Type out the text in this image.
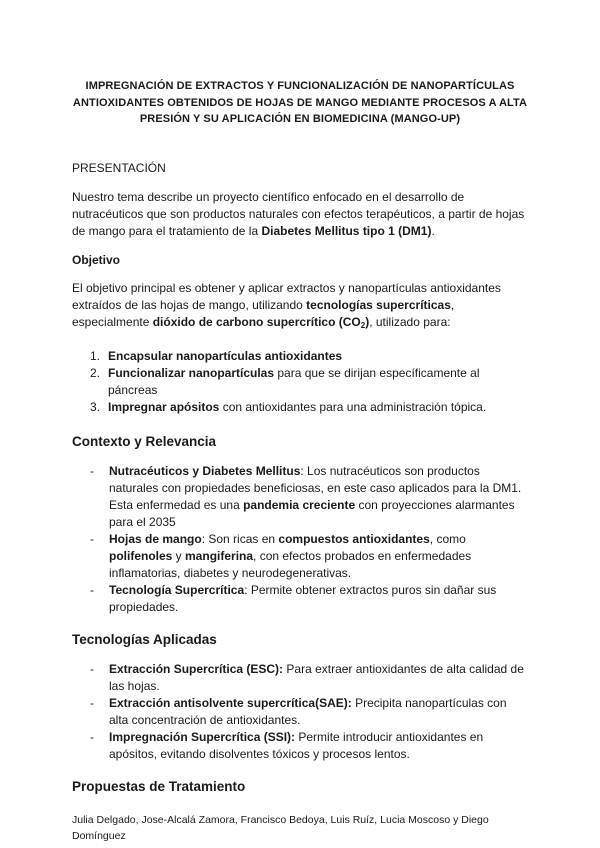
IMPREGNACIÓN DE EXTRACTOS Y FUNCIONALIZACIÓN DE NANOPARTÍCULAS ANTIOXIDANTES OBTENIDOS DE HOJAS DE MANGO MEDIANTE PROCESOS A ALTA PRESIÓN Y SU APLICACIÓN EN BIOMEDICINA (MANGO-UP)
PRESENTACIÓN

Nuestro tema describe un proyecto científico enfocado en el desarrollo de nutracéuticos que son productos naturales con efectos terapéuticos, a partir de hojas de mango para el tratamiento de la Diabetes Mellitus tipo 1 (DM1).

Objetivo

El objetivo principal es obtener y aplicar extractos y nanopartículas antioxidantes extraídos de las hojas de mango, utilizando tecnologías supercríticas, especialmente dióxido de carbono supercrítico $(CO_2)$, utilizado para:

1. Encapsular nanopartículas antioxidantes
2. Funcionalizar nanopartículas para que se dirijan específicamente al páncreas
3. Impregnar apósitos con antioxidantes para una administración tópica.
Contexto y Relevancia
- Nutracéuticos y Diabetes Mellitus: Los nutracéuticos son productos naturales con propiedades beneficiosas, en este caso aplicados para la DM1. Esta enfermedad es una pandemia creciente con proyecciones alarmantes para el 2035
- Hojas de mango: Son ricas en compuestos antioxidantes, como polifenoles y mangiferina, con efectos probados en enfermedades inflamatorias, diabetes y neurodegenerativas.
- Tecnología Supercrítica: Permite obtener extractos puros sin dañar sus propiedades.
Tecnologías Aplicadas
- Extracción Supercrítica (ESC): Para extraer antioxidantes de alta calidad de las hojas.
- Extracción antisolvente supercrítica(SAE): Precipita nanopartículas con alta concentración de antioxidantes.
- Impregnación Supercrítica (SSI): Permite introducir antioxidantes en apósitos, evitando disolventes tóxicos y procesos lentos.
Propuestas de Tratamiento
Julia Delgado, Jose-Alcalá Zamora, Francisco Bedoya, Luis Ruíz, Lucia Moscoso y Diego Domínguez
